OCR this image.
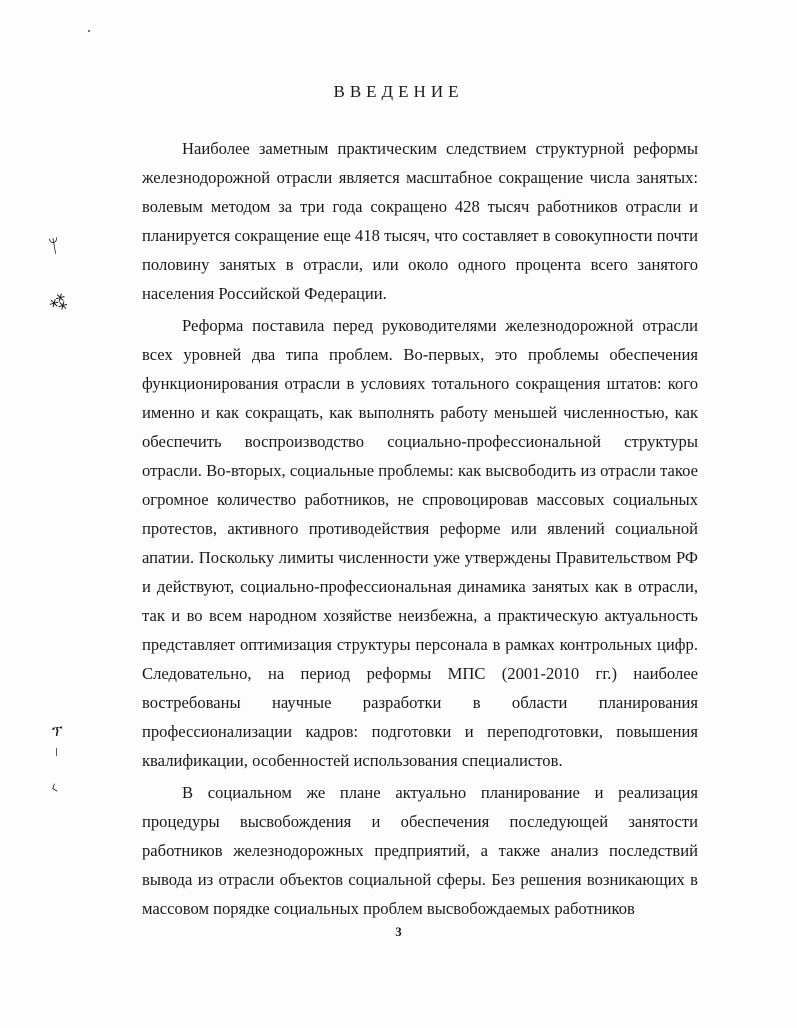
ᛘ
⁂
ፕ
ᚲ
ВВЕДЕНИЕ

Наиболее заметным практическим следствием структурной реформы железнодорожной отрасли является масштабное сокращение числа занятых: волевым методом за три года сокращено 428 тысяч работников отрасли и планируется сокращение еще 418 тысяч, что составляет в совокупности почти половину занятых в отрасли, или около одного процента всего занятого населения Российской Федерации.

Реформа поставила перед руководителями железнодорожной отрасли всех уровней два типа проблем. Во-первых, это проблемы обеспечения функционирования отрасли в условиях тотального сокращения штатов: кого именно и как сокращать, как выполнять работу меньшей численностью, как обеспечить воспроизводство социально-профессиональной структуры отрасли. Во-вторых, социальные проблемы: как высвободить из отрасли такое огромное количество работников, не спровоцировав массовых социальных протестов, активного противодействия реформе или явлений социальной апатии. Поскольку лимиты численности уже утверждены Правительством РФ и действуют, социально-профессиональная динамика занятых как в отрасли, так и во всем народном хозяйстве неизбежна, а практическую актуальность представляет оптимизация структуры персонала в рамках контрольных цифр. Следовательно, на период реформы МПС (2001-2010 гг.) наиболее востребованы научные разработки в области планирования профессионализации кадров: подготовки и переподготовки, повышения квалификации, особенностей использования специалистов.

В социальном же плане актуально планирование и реализация процедуры высвобождения и обеспечения последующей занятости работников железнодорожных предприятий, а также анализ последствий вывода из отрасли объектов социальной сферы. Без решения возникающих в массовом порядке социальных проблем высвобождаемых работников

3
